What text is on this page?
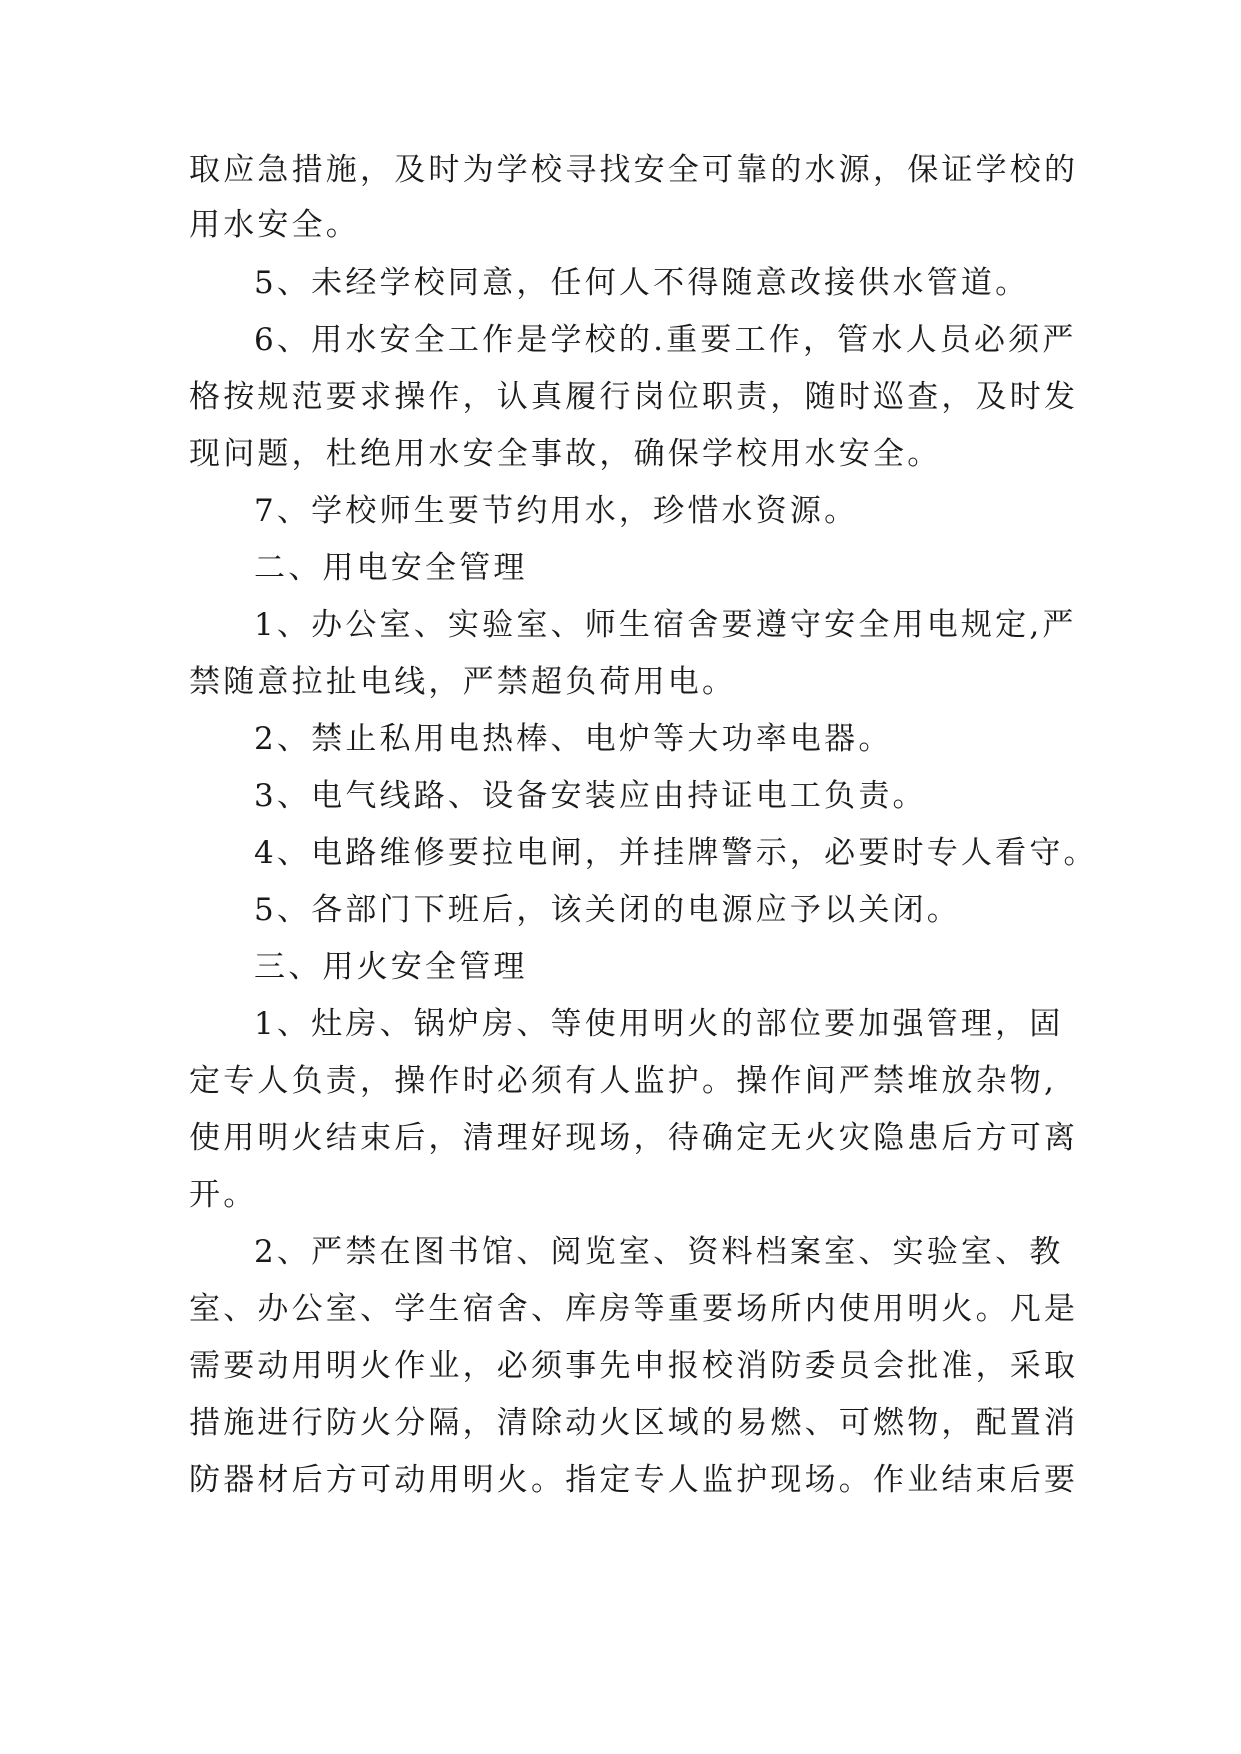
取应急措施，及时为学校寻找安全可靠的水源，保证学校的

用水安全。

5、未经学校同意，任何人不得随意改接供水管道。

6、用水安全工作是学校的.重要工作，管水人员必须严

格按规范要求操作，认真履行岗位职责，随时巡查，及时发

现问题，杜绝用水安全事故，确保学校用水安全。

7、学校师生要节约用水，珍惜水资源。

二、用电安全管理

1、办公室、实验室、师生宿舍要遵守安全用电规定,严

禁随意拉扯电线，严禁超负荷用电。

2、禁止私用电热棒、电炉等大功率电器。

3、电气线路、设备安装应由持证电工负责。

4、电路维修要拉电闸，并挂牌警示，必要时专人看守。

5、各部门下班后，该关闭的电源应予以关闭。

三、用火安全管理

1、灶房、锅炉房、等使用明火的部位要加强管理，固

定专人负责，操作时必须有人监护。操作间严禁堆放杂物,

使用明火结束后，清理好现场，待确定无火灾隐患后方可离

开。

2、严禁在图书馆、阅览室、资料档案室、实验室、教

室、办公室、学生宿舍、库房等重要场所内使用明火。凡是

需要动用明火作业，必须事先申报校消防委员会批准，采取

措施进行防火分隔，清除动火区域的易燃、可燃物，配置消

防器材后方可动用明火。指定专人监护现场。作业结束后要
